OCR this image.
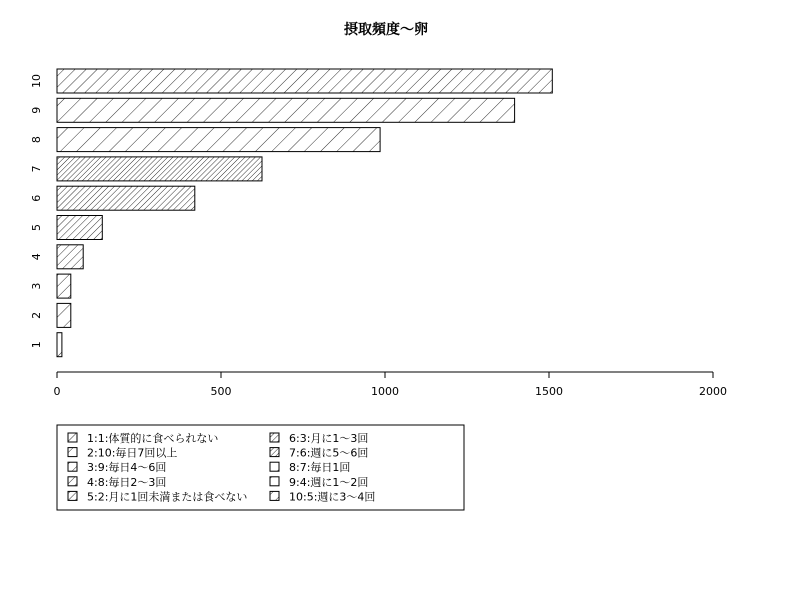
摂取頻度～卵
1
2
3
4
5
6
7
8
9
10
0	500	1000	1500	2000
1:1:体質的に食べられない
2:10:毎日7回以上
3:9:毎日4～6回
4:8:毎日2～3回
5:2:月に1回未満または食べない
6:3:月に1～3回
7:6:週に5～6回
8:7:毎日1回
9:4:週に1～2回
10:5:週に3～4回
